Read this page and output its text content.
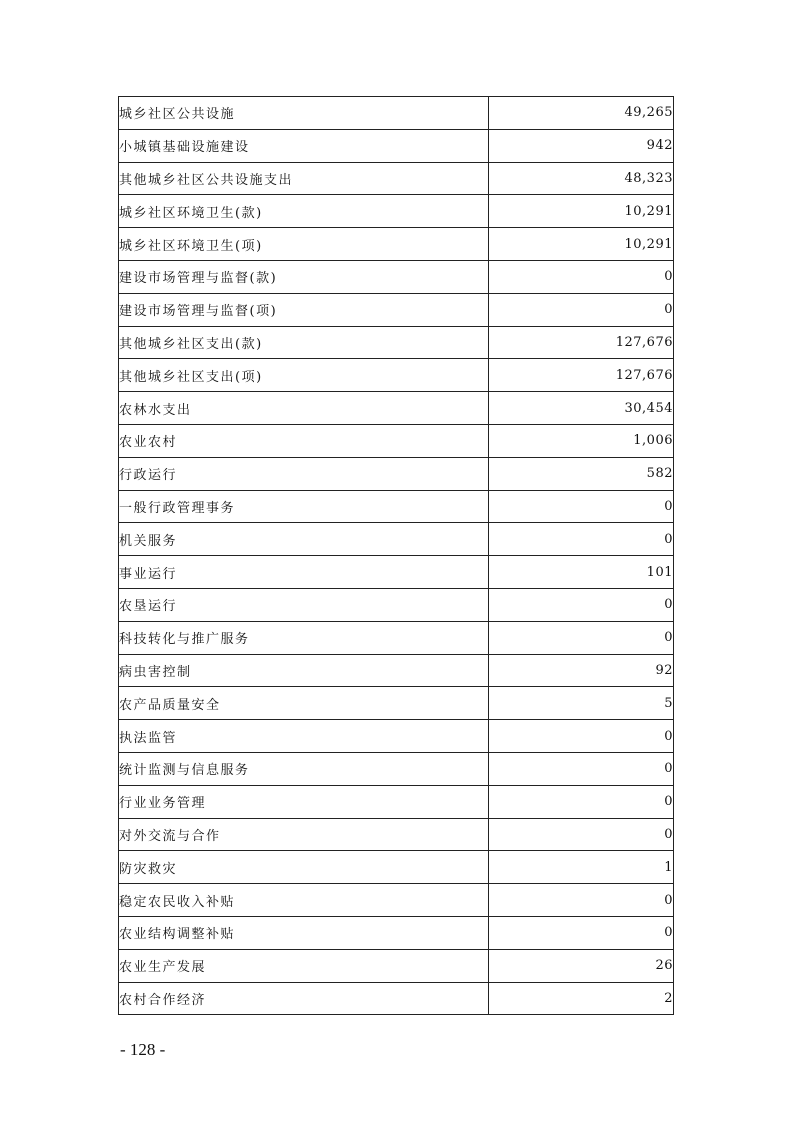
城乡社区公共设施	49,265
小城镇基础设施建设	942
其他城乡社区公共设施支出	48,323
城乡社区环境卫生(款)	10,291
城乡社区环境卫生(项)	10,291
建设市场管理与监督(款)	0
建设市场管理与监督(项)	0
其他城乡社区支出(款)	127,676
其他城乡社区支出(项)	127,676
农林水支出	30,454
农业农村	1,006
行政运行	582
一般行政管理事务	0
机关服务	0
事业运行	101
农垦运行	0
科技转化与推广服务	0
病虫害控制	92
农产品质量安全	5
执法监管	0
统计监测与信息服务	0
行业业务管理	0
对外交流与合作	0
防灾救灾	1
稳定农民收入补贴	0
农业结构调整补贴	0
农业生产发展	26
农村合作经济	2
- 128 -
